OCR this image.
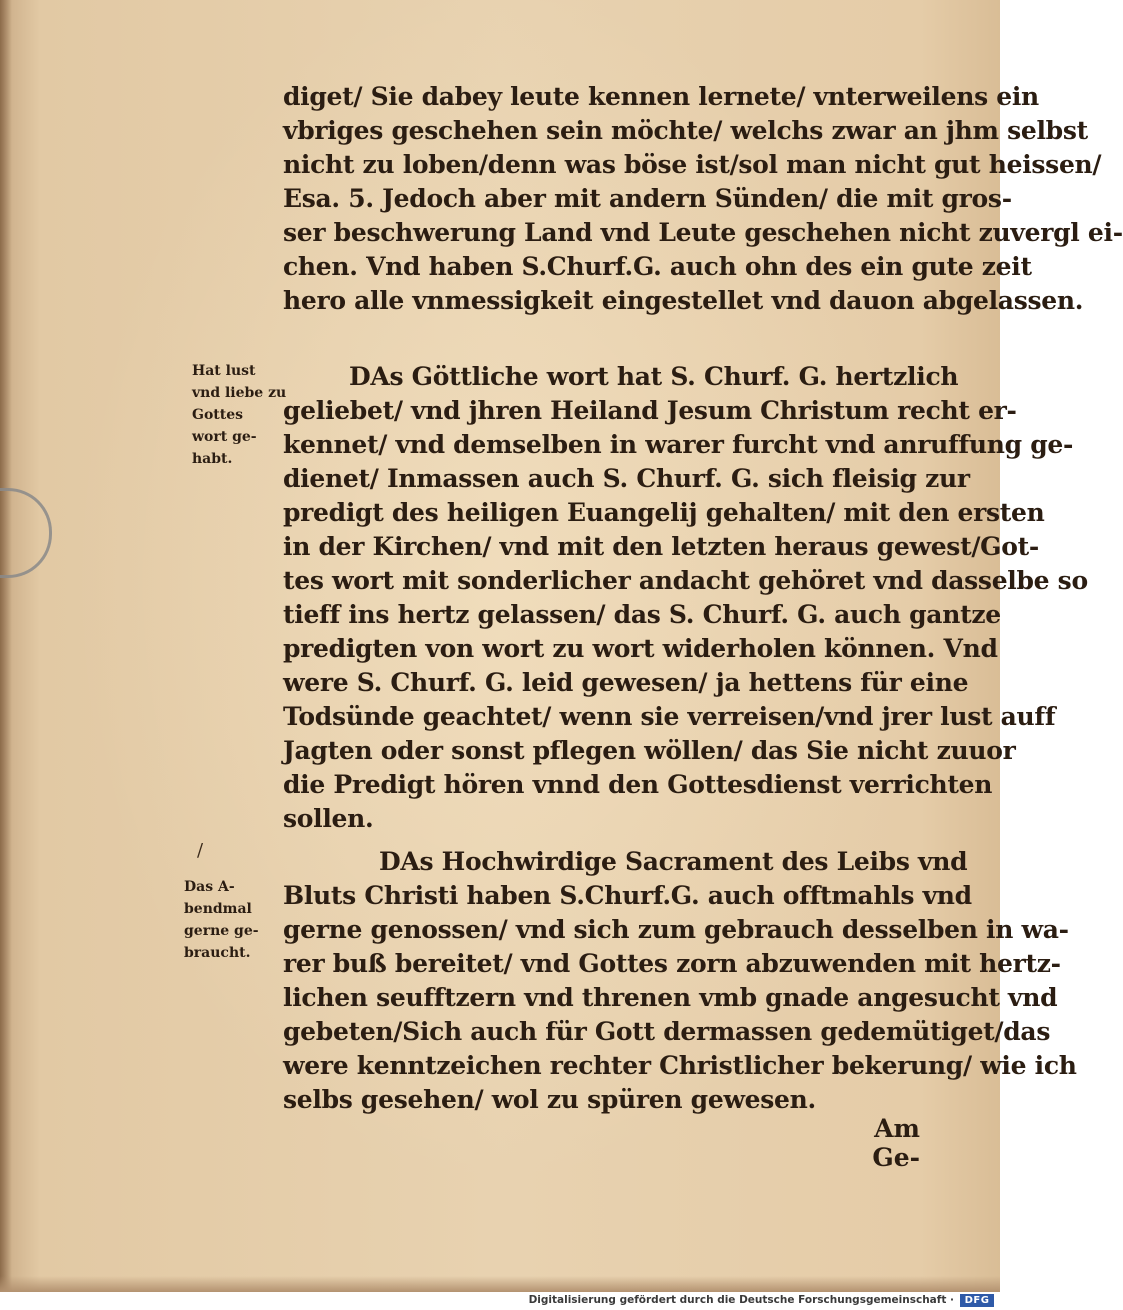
Hat lust
vnd liebe zu
Gottes
wort ge-
habt.
/
Das A-
bendmal
gerne ge-
braucht.
diget/ Sie dabey leute kennen lernete/ vnterweilens ein
vbriges geschehen sein möchte/ welchs zwar an jhm selbst
nicht zu loben/denn was böse ist/sol man nicht gut heissen/
Esa. 5. Jedoch aber mit andern Sünden/ die mit gros-
ser beschwerung Land vnd Leute geschehen nicht zuvergl ei-
chen. Vnd haben S.Churf.G. auch ohn des ein gute zeit
hero alle vnmessigkeit eingestellet vnd dauon abgelassen.
DAs Göttliche wort hat S. Churf. G. hertzlich
geliebet/ vnd jhren Heiland Jesum Christum recht er-
kennet/ vnd demselben in warer furcht vnd anruffung ge-
dienet/ Inmassen auch S. Churf. G. sich fleisig zur
predigt des heiligen Euangelij gehalten/ mit den ersten
in der Kirchen/ vnd mit den letzten heraus gewest/Got-
tes wort mit sonderlicher andacht gehöret vnd dasselbe so
tieff ins hertz gelassen/ das S. Churf. G. auch gantze
predigten von wort zu wort widerholen können. Vnd
were S. Churf. G. leid gewesen/ ja hettens für eine
Todsünde geachtet/ wenn sie verreisen/vnd jrer lust auff
Jagten oder sonst pflegen wöllen/ das Sie nicht zuuor
die Predigt hören vnnd den Gottesdienst verrichten
sollen.
DAs Hochwirdige Sacrament des Leibs vnd
Bluts Christi haben S.Churf.G. auch offtmahls vnd
gerne genossen/ vnd sich zum gebrauch desselben in wa-
rer buß bereitet/ vnd Gottes zorn abzuwenden mit hertz-
lichen seufftzern vnd threnen vmb gnade angesucht vnd
gebeten/Sich auch für Gott dermassen gedemütiget/das
were kenntzeichen rechter Christlicher bekerung/ wie ich
selbs gesehen/ wol zu spüren gewesen.
Am Ge-
Digitalisierung gefördert durch die Deutsche Forschungsgemeinschaft ·	DFG
